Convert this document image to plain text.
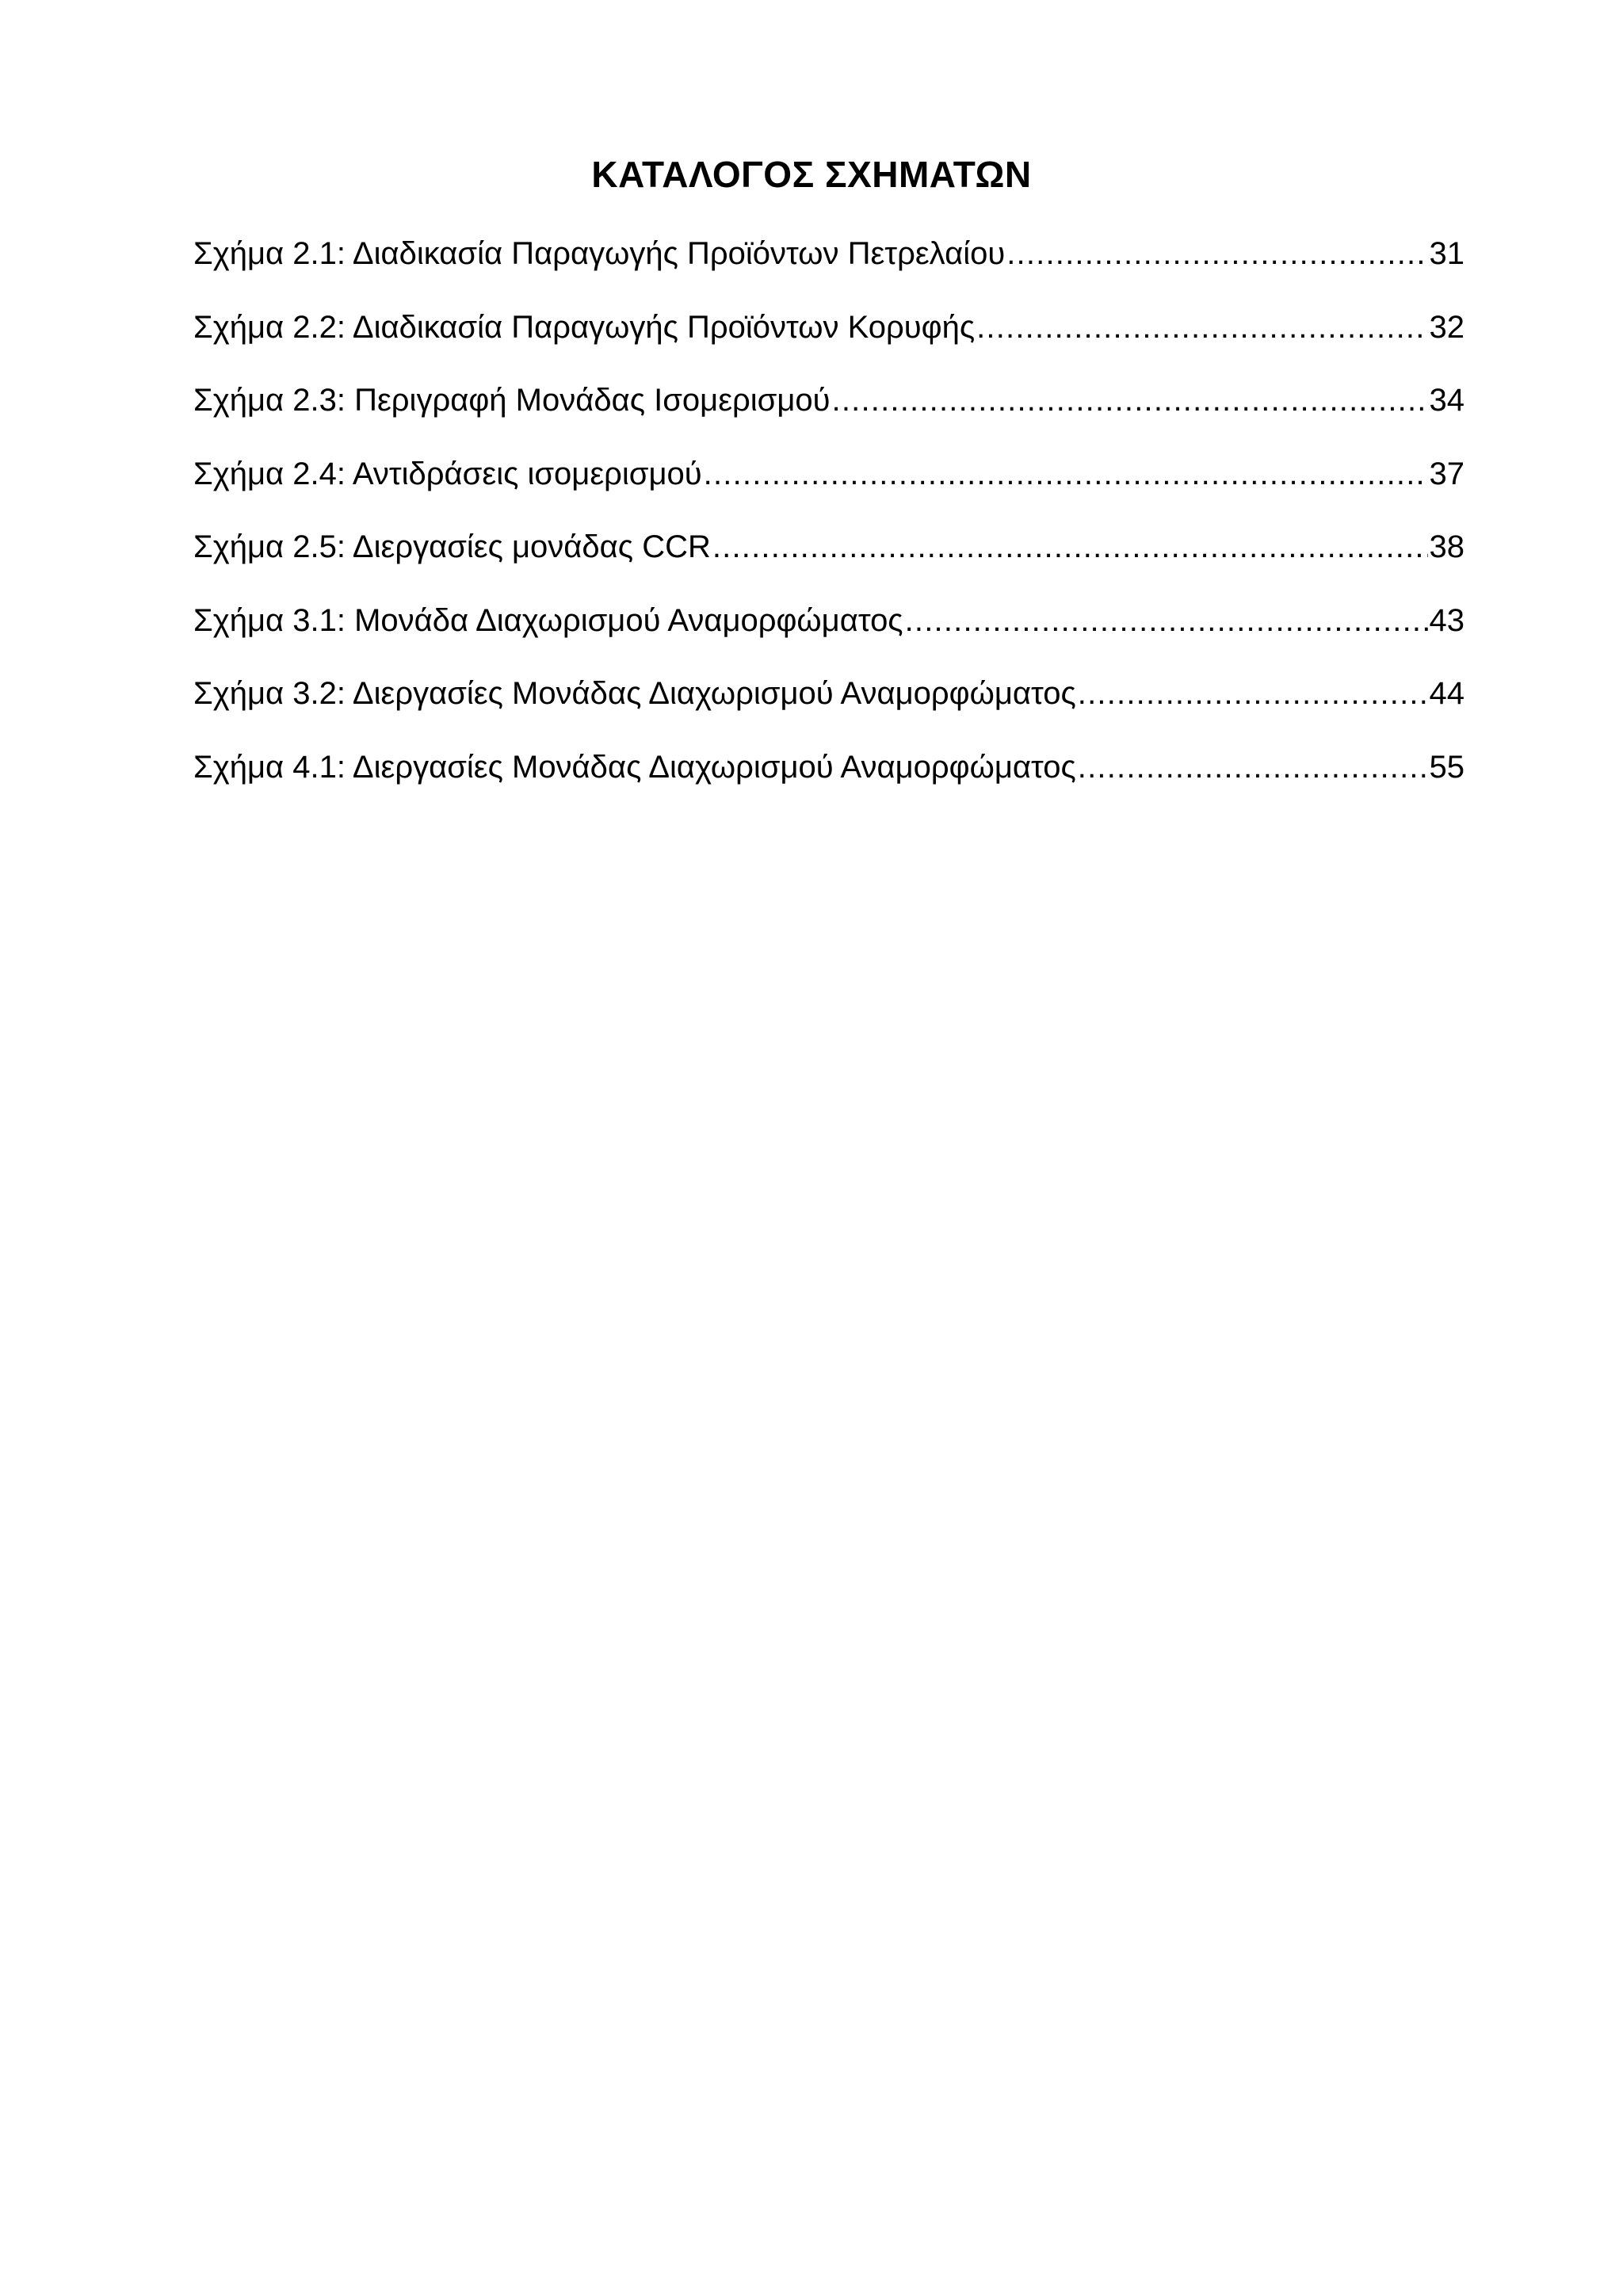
ΚΑΤΑΛΟΓΟΣ ΣΧΗΜΑΤΩΝ
Σχήμα 2.1: Διαδικασία Παραγωγής Προϊόντων Πετρελαίου .....	31
Σχήμα 2.2: Διαδικασία Παραγωγής Προϊόντων Κορυφής .....	32
Σχήμα 2.3: Περιγραφή Μονάδας Ισομερισμού .....	34
Σχήμα 2.4: Αντιδράσεις ισομερισμού .....	37
Σχήμα 2.5: Διεργασίες μονάδας CCR .....	38
Σχήμα 3.1: Μονάδα Διαχωρισμού Αναμορφώματος .....	43
Σχήμα 3.2: Διεργασίες Μονάδας Διαχωρισμού Αναμορφώματος .....	44
Σχήμα 4.1: Διεργασίες Μονάδας Διαχωρισμού Αναμορφώματος .....	55
